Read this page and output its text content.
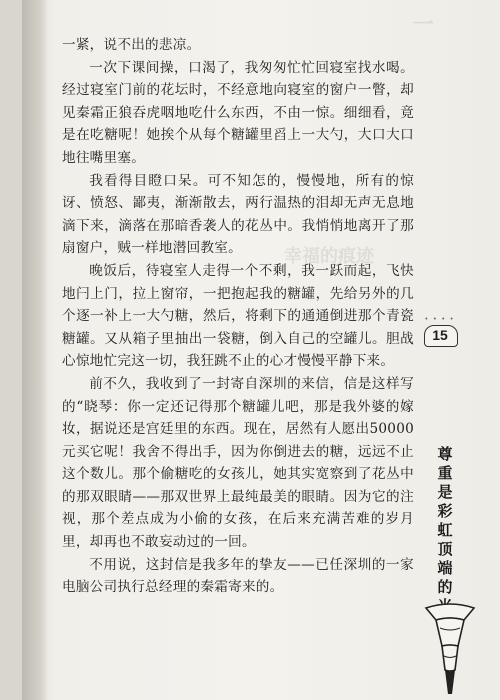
一
幸福的痕迹

一紧，说不出的悲凉。

一次下课间操，口渴了，我匆匆忙忙回寝室找水喝。经过寝室门前的花坛时，不经意地向寝室的窗户一瞥，却见秦霜正狼吞虎咽地吃什么东西，不由一惊。细细看，竟是在吃糖呢！她挨个从每个糖罐里舀上一大勺，大口大口地往嘴里塞。

我看得目瞪口呆。可不知怎的，慢慢地，所有的惊讶、愤怒、鄙夷，渐渐散去，两行温热的泪却无声无息地滴下来，滴落在那暗香袭人的花丛中。我悄悄地离开了那扇窗户，贼一样地潜回教室。

晚饭后，待寝室人走得一个不剩，我一跃而起，飞快地闩上门，拉上窗帘，一把抱起我的糖罐，先给另外的几个逐一补上一大勺糖，然后，将剩下的通通倒进那个青瓷糖罐。又从箱子里抽出一袋糖，倒入自己的空罐儿。胆战心惊地忙完这一切，我狂跳不止的心才慢慢平静下来。

前不久，我收到了一封寄自深圳的来信，信是这样写的“晓琴：你一定还记得那个糖罐儿吧，那是我外婆的嫁妆，据说还是宫廷里的东西。现在，居然有人愿出50000元买它呢！我舍不得出手，因为你倒进去的糖，远远不止这个数儿。那个偷糖吃的女孩儿，她其实宽察到了花丛中的那双眼睛——那双世界上最纯最美的眼睛。因为它的注视，那个差点成为小偷的女孩，在后来充满苦难的岁月里，却再也不敢妄动过的一回。

不用说，这封信是我多年的挚友——已任深圳的一家电脑公司执行总经理的秦霜寄来的。

• • • •
15
尊重是彩虹顶端的
